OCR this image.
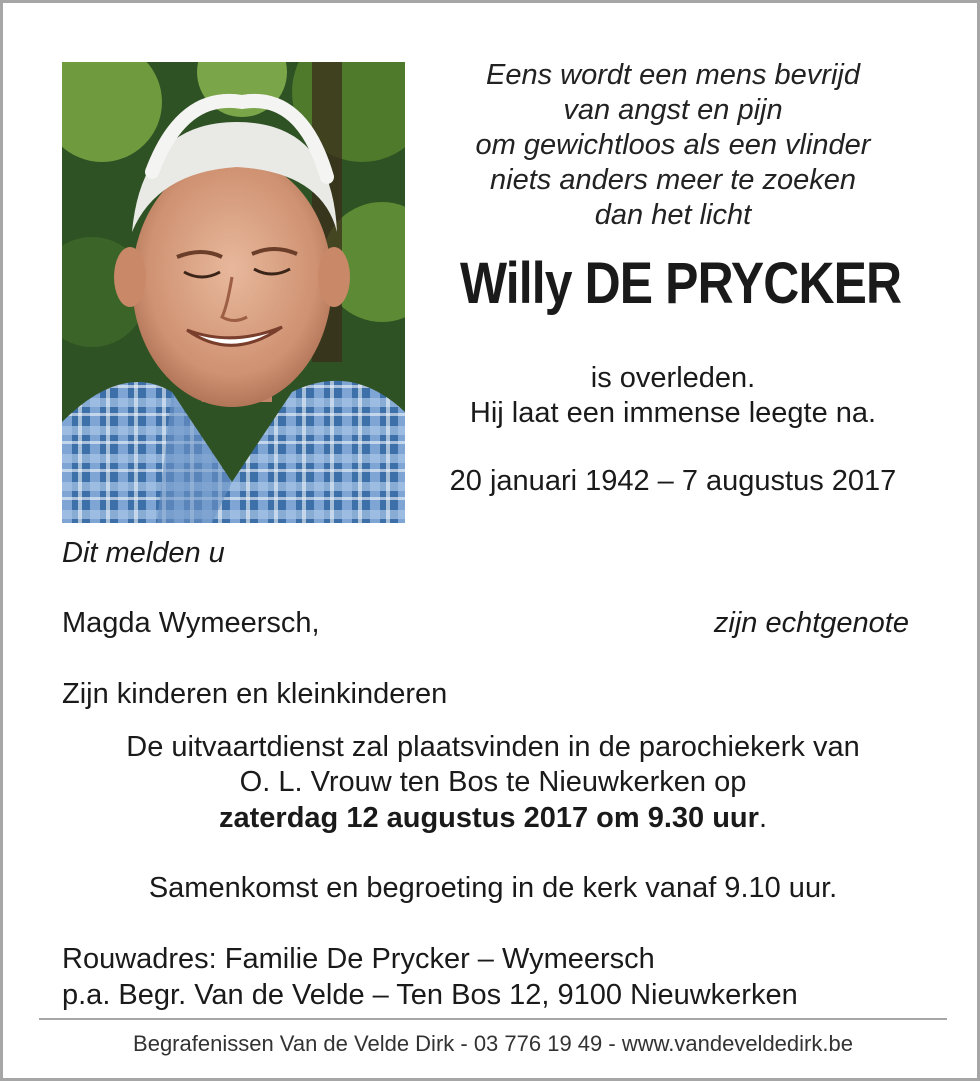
Eens wordt een mens bevrijd
van angst en pijn
om gewichtloos als een vlinder
niets anders meer te zoeken
dan het licht
Willy DE PRYCKER
is overleden.
Hij laat een immense leegte na.
20 januari 1942 – 7 augustus 2017
Dit melden u
Magda Wymeersch,	zijn echtgenote
Zijn kinderen en kleinkinderen
De uitvaartdienst zal plaatsvinden in de parochiekerk van
O. L. Vrouw ten Bos te Nieuwkerken op
zaterdag 12 augustus 2017 om 9.30 uur.
Samenkomst en begroeting in de kerk vanaf 9.10 uur.
Rouwadres: Familie De Prycker – Wymeersch
p.a. Begr. Van de Velde – Ten Bos 12, 9100 Nieuwkerken
Begrafenissen Van de Velde Dirk - 03 776 19 49 - www.vandeveldedirk.be
